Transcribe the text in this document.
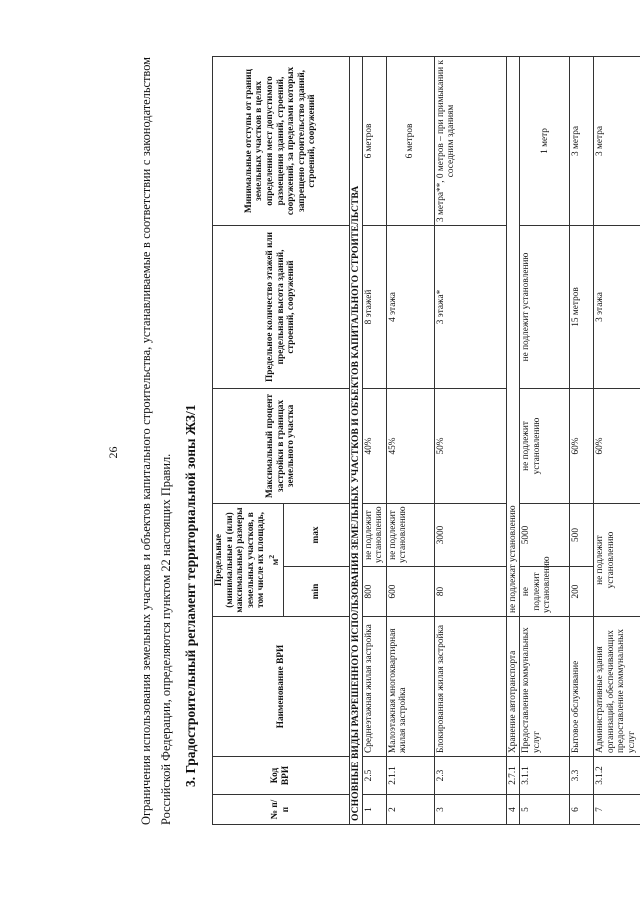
26 Ограничения использования земельных участков и объектов капитального строительства, устанавливаемые в соответствии с законодательством Российской Федерации, определяются пунктом 22 настоящих Правил. 3. Градостроительный регламент территориальной зоны ЖЗ/1

№ п/п	Код ВРИ	Наименование ВРИ	Предельные (минимальные и (или) максимальные) размеры земельных участков, в том числе их площадь, $м^2$		Максимальный процент застройки в границах земельного участка	Предельное количество этажей или предельная высота зданий, строений, сооружений	Минимальные отступы от границ земельных участков в целях определения мест допустимого размещения зданий, строений, сооружений, за пределами которых запрещено строительство зданий, строений, сооружений
			min	max			
ОСНОВНЫЕ ВИДЫ РАЗРЕШЕННОГО ИСПОЛЬЗОВАНИЯ ЗЕМЕЛЬНЫХ УЧАСТКОВ И ОБЪЕКТОВ КАПИТАЛЬНОГО СТРОИТЕЛЬСТВА							
1	2.5	Среднеэтажная жилая застройка	800	не подлежит установлению	40%	8 этажей	6 метров
2	2.1.1	Малоэтажная многоквартирная жилая застройка	600	не подлежит установлению	45%	4 этажа	6 метров
3	2.3	Блокированная жилая застройка	80	3000	50%	3 этажа*	3 метра**, 0 метров – при примыкании к соседним зданиям
4	2.7.1	Хранение автотранспорта	не подлежат установлению				
5	3.1.1	Предоставление коммунальных услуг	не подлежит установлению	5000	не подлежит установлению	не подлежит установлению	1 метр
6	3.3	Бытовое обслуживание	200	500	60%	15 метров	3 метра
7	3.1.2	Административные здания организаций, обеспечивающих предоставление коммунальных услуг	не подлежит установлению		60%	3 этажа	3 метра
